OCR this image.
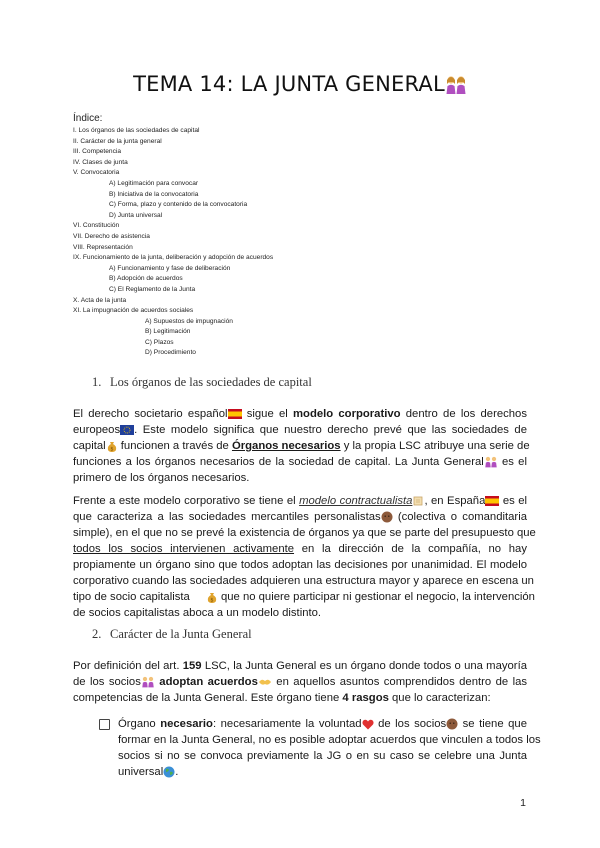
TEMA 14: LA JUNTA GENERAL
Índice:
I. Los órganos de las sociedades de capital
II. Carácter de la junta general
III. Competencia
IV. Clases de junta
V. Convocatoria
A) Legitimación para convocar
B) Iniciativa de la convocatoria
C) Forma, plazo y contenido de la convocatoria
D) Junta universal
VI. Constitución
VII. Derecho de asistencia
VIII. Representación
IX. Funcionamiento de la junta, deliberación y adopción de acuerdos
A) Funcionamiento y fase de deliberación
B) Adopción de acuerdos
C) El Reglamento de la Junta
X. Acta de la junta
XI. La impugnación de acuerdos sociales
A) Supuestos de impugnación
B) Legitimación
C) Plazos
D) Procedimiento
1. Los órganos de las sociedades de capital
El derecho societario español sigue el modelo corporativo dentro de los derechos
europeos . Este modelo significa que nuestro derecho prevé que las sociedades de
capital $ funcionen a través de Órganos necesarios y la propia LSC atribuye una serie de
funciones a los órganos necesarios de la sociedad de capital. La Junta General es el
primero de los órganos necesarios.
Frente a este modelo corporativo se tiene el modelo contractualista , en España es el
que caracteriza a las sociedades mercantiles personalistas (colectiva o comanditaria
simple), en el que no se prevé la existencia de órganos ya que se parte del presupuesto que
todos los socios intervienen activamente en la dirección de la compañía, no hay
propiamente un órgano sino que todos adoptan las decisiones por unanimidad. El modelo
corporativo cuando las sociedades adquieren una estructura mayor y aparece en escena un
tipo de socio capitalista	$ que no quiere participar ni gestionar el negocio, la intervención
de socios capitalistas aboca a un modelo distinto.
2. Carácter de la Junta General
Por definición del art. 159 LSC, la Junta General es un órgano donde todos o una mayoría
de los socios adoptan acuerdos en aquellos asuntos comprendidos dentro de las
competencias de la Junta General. Este órgano tiene 4 rasgos que lo caracterizan:
Órgano necesario: necesariamente la voluntad de los socios se tiene que
formar en la Junta General, no es posible adoptar acuerdos que vinculen a todos los
socios si no se convoca previamente la JG o en su caso se celebre una Junta
universal .
1
